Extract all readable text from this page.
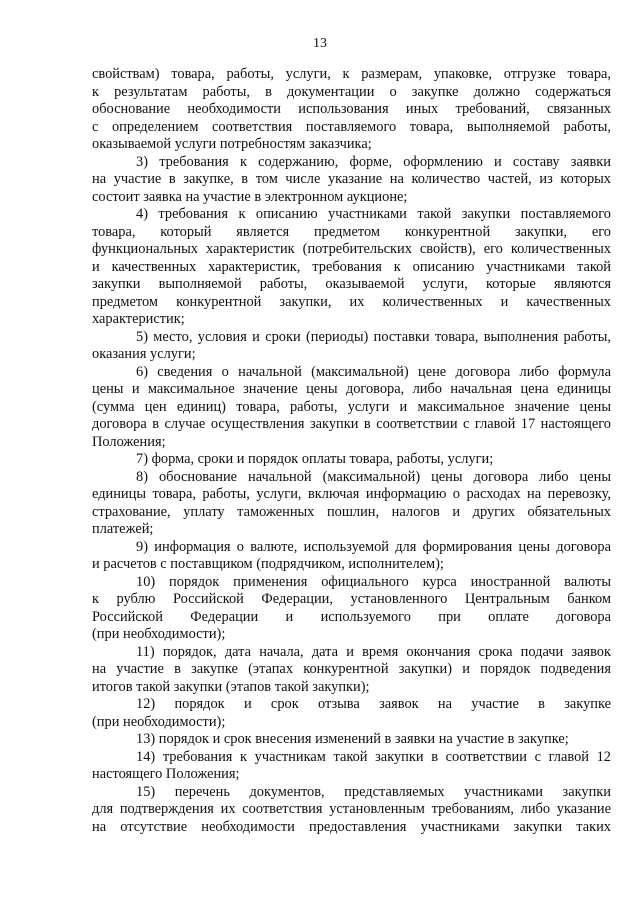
13
свойствам) товара, работы, услуги, к размерам, упаковке, отгрузке товара,
к результатам работы, в документации о закупке должно содержаться
обоснование необходимости использования иных требований, связанных
с определением соответствия поставляемого товара, выполняемой работы,
оказываемой услуги потребностям заказчика;
3) требования к содержанию, форме, оформлению и составу заявки
на участие в закупке, в том числе указание на количество частей, из которых
состоит заявка на участие в электронном аукционе;
4) требования к описанию участниками такой закупки поставляемого
товара, который является предметом конкурентной закупки, его
функциональных характеристик (потребительских свойств), его количественных
и качественных характеристик, требования к описанию участниками такой
закупки выполняемой работы, оказываемой услуги, которые являются
предметом конкурентной закупки, их количественных и качественных
характеристик;
5) место, условия и сроки (периоды) поставки товара, выполнения работы,
оказания услуги;
6) сведения о начальной (максимальной) цене договора либо формула
цены и максимальное значение цены договора, либо начальная цена единицы
(сумма цен единиц) товара, работы, услуги и максимальное значение цены
договора в случае осуществления закупки в соответствии с главой 17 настоящего
Положения;
7) форма, сроки и порядок оплаты товара, работы, услуги;
8) обоснование начальной (максимальной) цены договора либо цены
единицы товара, работы, услуги, включая информацию о расходах на перевозку,
страхование, уплату таможенных пошлин, налогов и других обязательных
платежей;
9) информация о валюте, используемой для формирования цены договора
и расчетов с поставщиком (подрядчиком, исполнителем);
10) порядок применения официального курса иностранной валюты
к рублю Российской Федерации, установленного Центральным банком
Российской Федерации и используемого при оплате договора
(при необходимости);
11) порядок, дата начала, дата и время окончания срока подачи заявок
на участие в закупке (этапах конкурентной закупки) и порядок подведения
итогов такой закупки (этапов такой закупки);
12) порядок и срок отзыва заявок на участие в закупке
(при необходимости);
13) порядок и срок внесения изменений в заявки на участие в закупке;
14) требования к участникам такой закупки в соответствии с главой 12
настоящего Положения;
15) перечень документов, представляемых участниками закупки
для подтверждения их соответствия установленным требованиям, либо указание
на отсутствие необходимости предоставления участниками закупки таких
